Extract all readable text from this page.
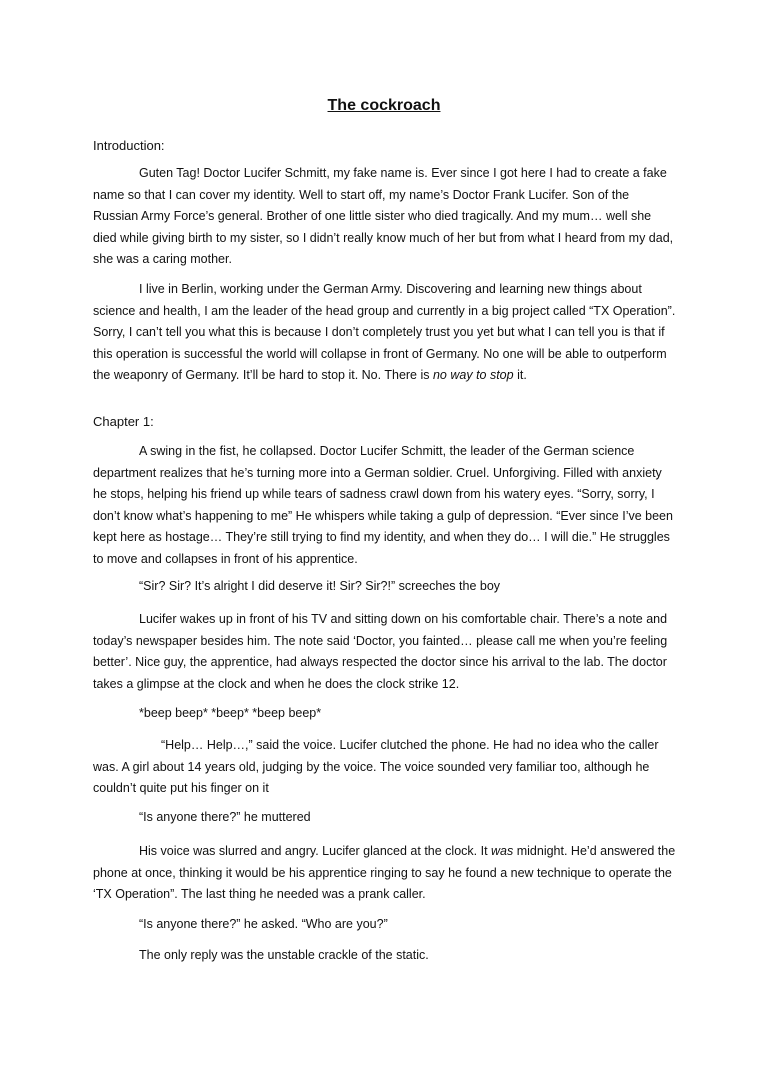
The cockroach

Introduction:

Guten Tag! Doctor Lucifer Schmitt, my fake name is. Ever since I got here I had to create a fake name so that I can cover my identity. Well to start off, my name’s Doctor Frank Lucifer. Son of the Russian Army Force’s general. Brother of one little sister who died tragically. And my mum… well she died while giving birth to my sister, so I didn’t really know much of her but from what I heard from my dad, she was a caring mother.

I live in Berlin, working under the German Army. Discovering and learning new things about science and health, I am the leader of the head group and currently in a big project called “TX Operation”. Sorry, I can’t tell you what this is because I don’t completely trust you yet but what I can tell you is that if this operation is successful the world will collapse in front of Germany. No one will be able to outperform the weaponry of Germany. It’ll be hard to stop it. No. There is no way to stop it.

Chapter 1:

A swing in the fist, he collapsed. Doctor Lucifer Schmitt, the leader of the German science department realizes that he’s turning more into a German soldier. Cruel. Unforgiving. Filled with anxiety he stops, helping his friend up while tears of sadness crawl down from his watery eyes. “Sorry, sorry, I don’t know what’s happening to me” He whispers while taking a gulp of depression. “Ever since I’ve been kept here as hostage… They’re still trying to find my identity, and when they do… I will die.” He struggles to move and collapses in front of his apprentice.

“Sir? Sir? It’s alright I did deserve it! Sir? Sir?!” screeches the boy

Lucifer wakes up in front of his TV and sitting down on his comfortable chair. There’s a note and today’s newspaper besides him. The note said ‘Doctor, you fainted… please call me when you’re feeling better’. Nice guy, the apprentice, had always respected the doctor since his arrival to the lab. The doctor takes a glimpse at the clock and when he does the clock strike 12.

*beep beep* *beep* *beep beep*

“Help… Help…,” said the voice. Lucifer clutched the phone. He had no idea who the caller was. A girl about 14 years old, judging by the voice. The voice sounded very familiar too, although he couldn’t quite put his finger on it

“Is anyone there?” he muttered

His voice was slurred and angry. Lucifer glanced at the clock. It was midnight. He’d answered the phone at once, thinking it would be his apprentice ringing to say he found a new technique to operate the ‘TX Operation”. The last thing he needed was a prank caller.

“Is anyone there?” he asked. “Who are you?”

The only reply was the unstable crackle of the static.
